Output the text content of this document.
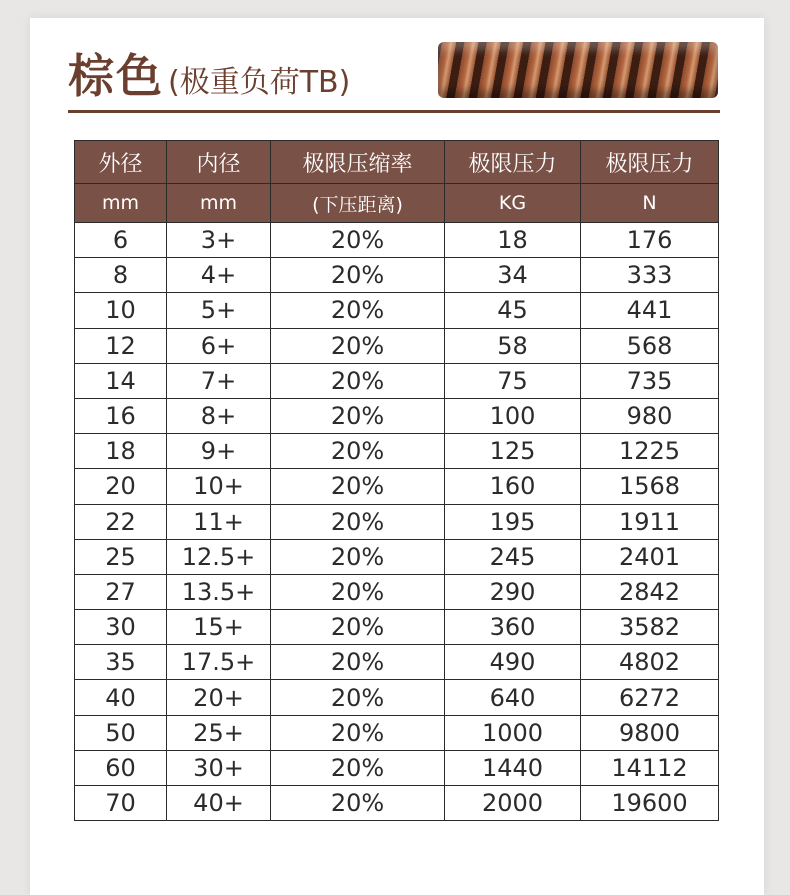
棕色 (极重负荷TB)
外径	内径	极限压缩率	极限压力	极限压力
mm	mm	(下压距离)	KG	N
6	3+	20%	18	176
8	4+	20%	34	333
10	5+	20%	45	441
12	6+	20%	58	568
14	7+	20%	75	735
16	8+	20%	100	980
18	9+	20%	125	1225
20	10+	20%	160	1568
22	11+	20%	195	1911
25	12.5+	20%	245	2401
27	13.5+	20%	290	2842
30	15+	20%	360	3582
35	17.5+	20%	490	4802
40	20+	20%	640	6272
50	25+	20%	1000	9800
60	30+	20%	1440	14112
70	40+	20%	2000	19600
